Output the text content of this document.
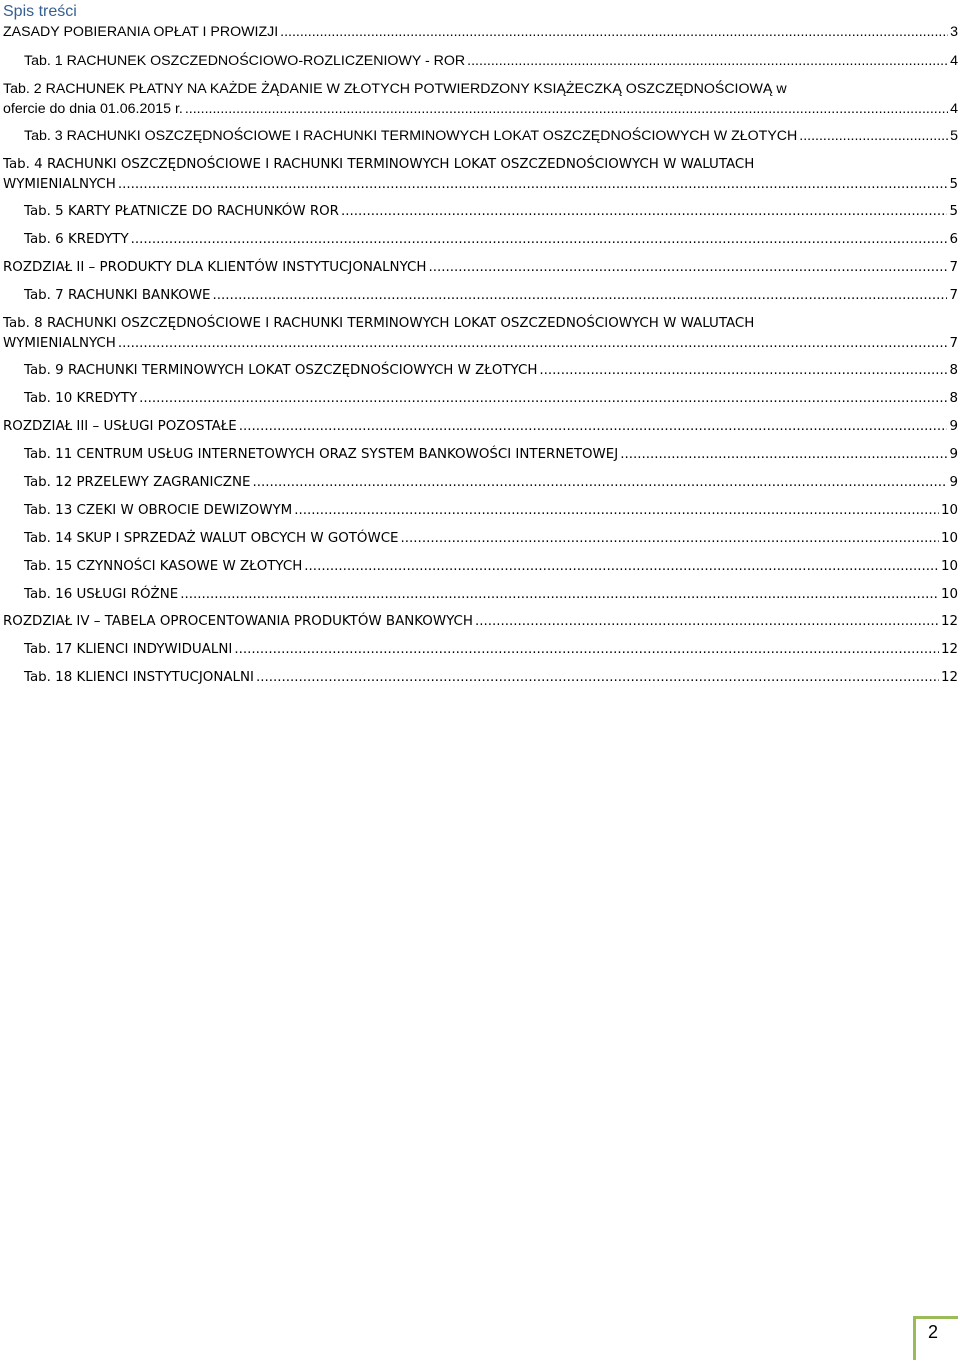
Spis treści
ZASADY POBIERANIA OPŁAT I PROWIZJI .....	3
Tab. 1 RACHUNEK OSZCZEDNOŚCIOWO-ROZLICZENIOWY - ROR .....	4
Tab. 2 RACHUNEK PŁATNY NA KAŻDE ŻĄDANIE W ZŁOTYCH POTWIERDZONY KSIĄŻECZKĄ OSZCZĘDNOŚCIOWĄ w
ofercie do dnia 01.06.2015 r. .....	4
Tab. 3 RACHUNKI OSZCZĘDNOŚCIOWE I RACHUNKI TERMINOWYCH LOKAT OSZCZĘDNOŚCIOWYCH W ZŁOTYCH .....	5
Tab. 4 RACHUNKI OSZCZĘDNOŚCIOWE I RACHUNKI TERMINOWYCH LOKAT OSZCZEDNOŚCIOWYCH W WALUTACH
WYMIENIALNYCH .....	5
Tab. 5 KARTY PŁATNICZE DO RACHUNKÓW ROR .....	5
Tab. 6 KREDYTY .....	6
ROZDZIAŁ II – PRODUKTY DLA KLIENTÓW INSTYTUCJONALNYCH .....	7
Tab. 7 RACHUNKI BANKOWE .....	7
Tab. 8 RACHUNKI OSZCZĘDNOŚCIOWE I RACHUNKI TERMINOWYCH LOKAT OSZCZEDNOŚCIOWYCH W WALUTACH
WYMIENIALNYCH .....	7
Tab. 9 RACHUNKI TERMINOWYCH LOKAT OSZCZĘDNOŚCIOWYCH W ZŁOTYCH .....	8
Tab. 10 KREDYTY .....	8
ROZDZIAŁ III – USŁUGI POZOSTAŁE .....	9
Tab. 11 CENTRUM USŁUG INTERNETOWYCH ORAZ SYSTEM BANKOWOŚCI INTERNETOWEJ .....	9
Tab. 12 PRZELEWY ZAGRANICZNE .....	9
Tab. 13 CZEKI W OBROCIE DEWIZOWYM .....	10
Tab. 14 SKUP I SPRZEDAŻ WALUT OBCYCH W GOTÓWCE .....	10
Tab. 15 CZYNNOŚCI KASOWE W ZŁOTYCH .....	10
Tab. 16 USŁUGI RÓŻNE .....	10
ROZDZIAŁ IV – TABELA OPROCENTOWANIA PRODUKTÓW BANKOWYCH .....	12
Tab. 17 KLIENCI INDYWIDUALNI .....	12
Tab. 18 KLIENCI INSTYTUCJONALNI .....	12
2
